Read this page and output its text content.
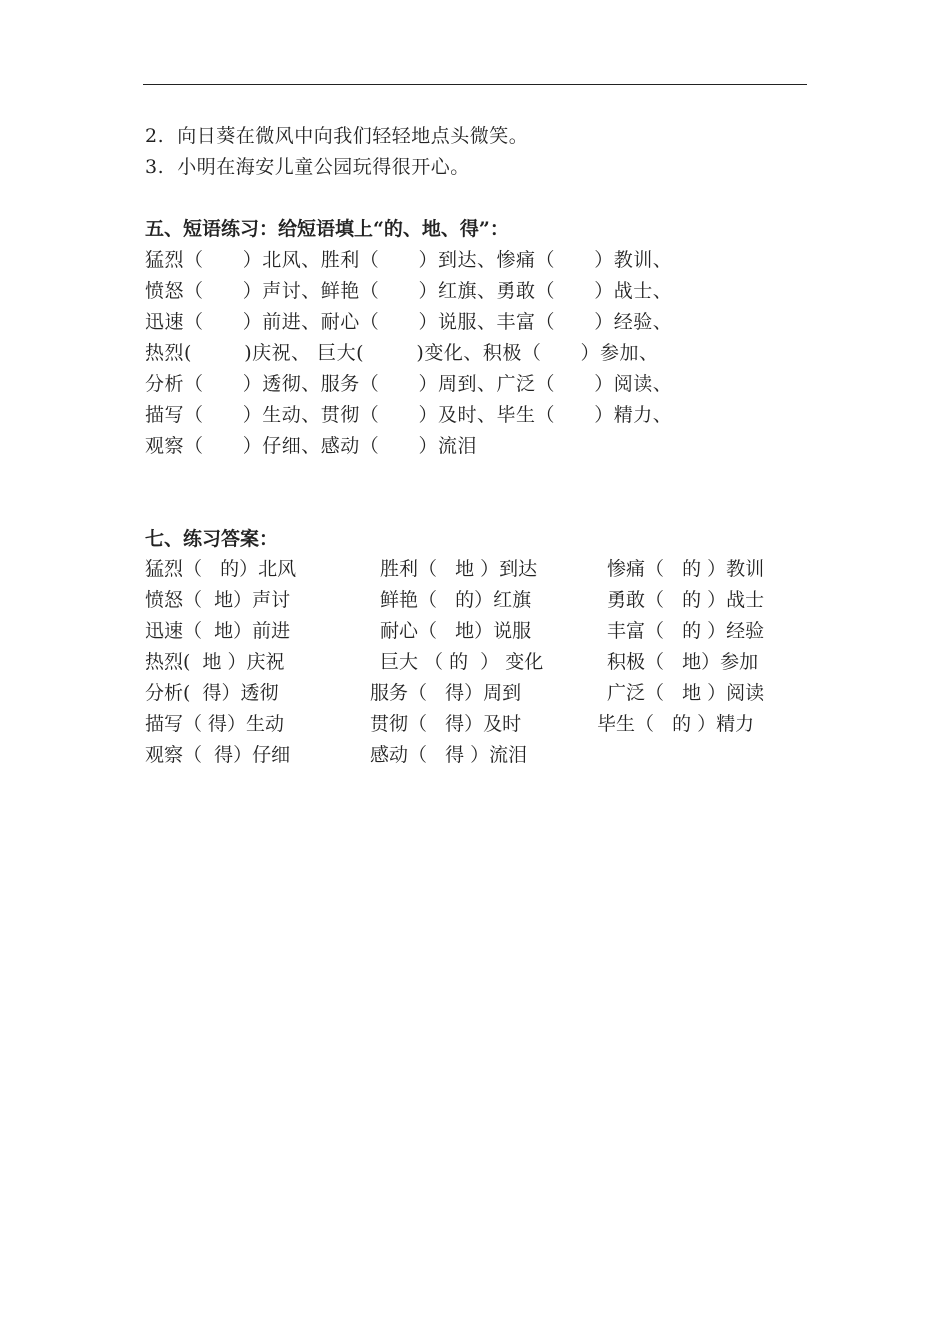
2.  向日葵在微风中向我们轻轻地点头微笑。
3.  小明在海安儿童公园玩得很开心。
五、短语练习：给短语填上“的、地、得”：
猛烈（      ）北风、胜利（      ）到达、惨痛（      ）教训、
愤怒（      ）声讨、鲜艳（      ）红旗、勇敢（      ）战士、
迅速（      ）前进、耐心（      ）说服、丰富（      ）经验、
热烈(        )庆祝、 巨大(        )变化、积极（      ）参加、
分析（      ）透彻、服务（      ）周到、广泛（      ）阅读、
描写（      ）生动、贯彻（      ）及时、毕生（      ）精力、
观察（      ）仔细、感动（      ）流泪
七、练习答案：
猛烈（   的）北风	胜利（   地 ）到达	惨痛（   的 ）教训
愤怒（  地）声讨	鲜艳（   的）红旗	勇敢（   的 ）战士
迅速（  地）前进	耐心（   地）说服	丰富（   的 ）经验
热烈(  地 ）庆祝	巨大 （ 的  ） 变化	积极（   地）参加
分析(  得）透彻	服务（   得）周到	广泛（   地 ）阅读
描写（ 得）生动	贯彻（   得）及时	毕生（   的 ）精力
观察（  得）仔细	感动（   得 ）流泪
